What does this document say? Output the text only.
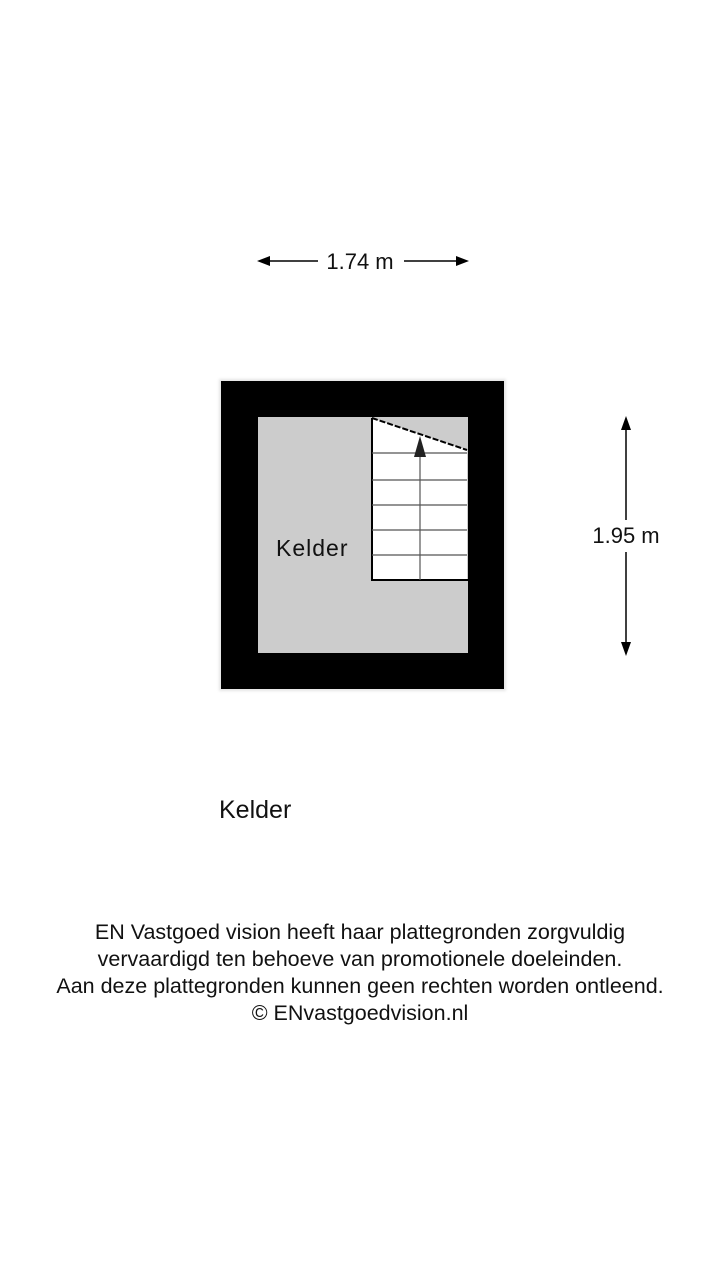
1.74 m
1.95 m
Kelder
Kelder
EN Vastgoed vision heeft haar plattegronden zorgvuldig
vervaardigd ten behoeve van promotionele doeleinden.
Aan deze plattegronden kunnen geen rechten worden ontleend.
© ENvastgoedvision.nl
